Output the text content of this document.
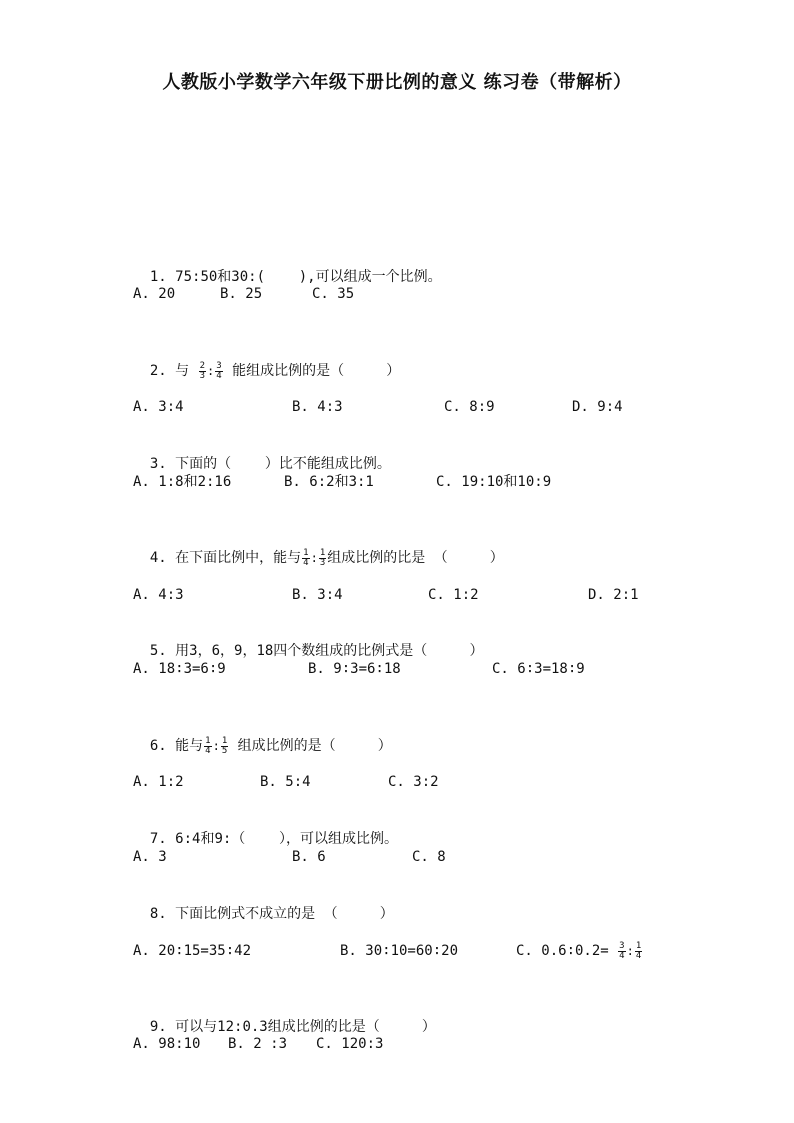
人教版小学数学六年级下册比例的意义 练习卷（带解析）

1. 75:50和30:(    ),可以组成一个比例。

A. 20	B. 25	C. 35

2. 与 $\frac{2}{3}$ : $\frac{3}{4}$ 能组成比例的是（     ）

A. 3:4	B. 4:3	C. 8:9	D. 9:4

3. 下面的（    ）比不能组成比例。

A. 1:8和2:16	B. 6:2和3:1	C. 19:10和10:9

4. 在下面比例中，能与 $\frac{1}{4}$ : $\frac{1}{3}$ 组成比例的比是 （     ）

A. 4:3	B. 3:4	C. 1:2	D. 2:1

5. 用3，6，9，18四个数组成的比例式是（     ）

A. 18∶3=6∶9	B. 9∶3=6∶18	C. 6∶3=18∶9

6. 能与 $\frac{1}{4}$ : $\frac{1}{5}$ 组成比例的是（     ）

A. 1:2	B. 5:4	C. 3:2

7. 6:4和9:（    ），可以组成比例。

A. 3	B. 6	C. 8

8. 下面比例式不成立的是 （     ）

A. 20∶15=35∶42	B. 30∶10=60∶20	C. 0.6∶0.2= $\frac{3}{4}$ : $\frac{1}{4}$

9. 可以与12:0.3组成比例的比是（     ）

A. 98:10 B. 2 :3 C. 120:3
